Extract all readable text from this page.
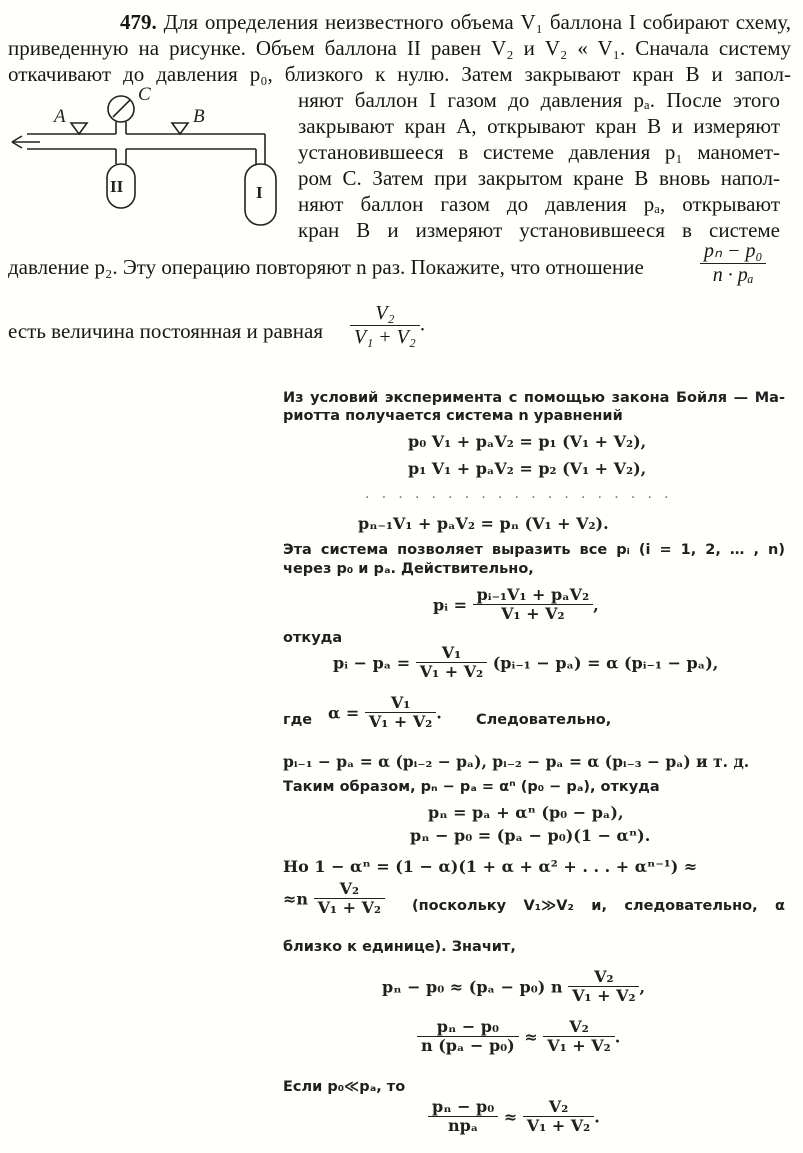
479. Для определения неизвестного объема V₁ баллона I собирают схему,
приведенную на рисунке. Объем баллона II равен V₂ и V₂ « V₁. Сначала систему
откачивают до давления p₀, близкого к нулю. Затем закрывают кран B и запол-
няют баллон I газом до давления pₐ. После этого
закрывают кран A, открывают кран B и измеряют
установившееся в системе давления p₁ маномет-
ром C. Затем при закрытом кране B вновь напол-
няют баллон газом до давления pₐ, открывают
кран B и измеряют установившееся в системе
давление p₂. Эту операцию повторяют n раз. Покажите, что отношение	$\frac{\text{pₙ − p₀}}{\text{n · pₐ}}$
есть величина постоянная и равная $\frac{\text{V₂}}{\text{V₁ + V₂}}$ .
A	B
C
II	I
Из условий эксперимента с помощью закона Бойля — Ма-
риотта получается система n уравнений
p₀ V₁ + pₐV₂ = p₁ (V₁ + V₂),
p₁ V₁ + pₐV₂ = p₂ (V₁ + V₂),
...................
pₙ₋₁V₁ + pₐV₂ = pₙ (V₁ + V₂).
Эта система позволяет выразить все pᵢ (i = 1, 2, … , n)
через p₀ и pₐ. Действительно,
pᵢ = $\frac{\text{pᵢ₋₁V₁ + pₐV₂}}{\text{V₁ + V₂}}$ ,
откуда
pᵢ − $p_a = \frac{\text{V₁}}{\text{V₁ + V₂}}$ (pᵢ₋₁ − pₐ) = α (pᵢ₋₁ − pₐ),
где $\alpha = \frac{\text{V₁}}{\text{V₁ + V₂}}$ . Следовательно,
pᵢ₋₁ − pₐ = α (pᵢ₋₂ − pₐ), pᵢ₋₂ − pₐ = α (pᵢ₋₃ − pₐ) и т. д.
Таким образом, pₙ − pₐ = αⁿ (p₀ − pₐ), откуда
pₙ = pₐ + αⁿ (p₀ − pₐ),
pₙ − p₀ = (pₐ − p₀)(1 − αⁿ).
Но 1 − αⁿ = (1 − α)(1 + α + α² + . . . + αⁿ⁻¹) ≈
$\approx n \frac{\text{V₂}}{\text{V₁ + V₂}}$ (поскольку V₁≫V₂ и, следовательно, α
близко к единице). Значит,
pₙ − p₀ ≈ (pₐ − p₀) n $\frac{\text{V₂}}{\text{V₁ + V₂}}$ ,
$\frac{\text{pₙ − p₀}}{\text{n (pₐ − p₀)}} \approx \frac{\text{V₂}}{\text{V₁ + V₂}}$ .
Если p₀≪pₐ, то
$\frac{\text{pₙ − p₀}}{\text{npₐ}} \approx \frac{\text{V₂}}{\text{V₁ + V₂}}$ .
